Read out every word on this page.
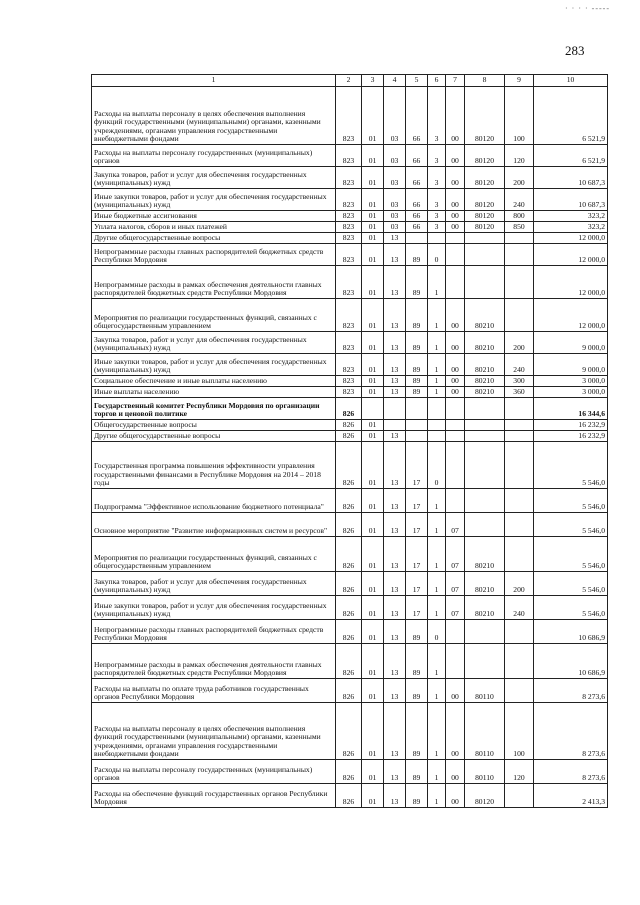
· · · · -----
283
1	2	3	4	5	6	7	8	9	10
Расходы на выплаты персоналу в целях обеспечения выполнения функций государственными (муниципальными) органами, казенными учреждениями, органами управления государственными внебюджетными фондами	823	01	03	66	3	00	80120	100	6 521,9
Расходы на выплаты персоналу государственных (муниципальных) органов	823	01	03	66	3	00	80120	120	6 521,9
Закупка товаров, работ и услуг для обеспечения государственных (муниципальных) нужд	823	01	03	66	3	00	80120	200	10 687,3
Иные закупки товаров, работ и услуг для обеспечения государственных (муниципальных) нужд	823	01	03	66	3	00	80120	240	10 687,3
Иные бюджетные ассигнования	823	01	03	66	3	00	80120	800	323,2
Уплата налогов, сборов и иных платежей	823	01	03	66	3	00	80120	850	323,2
Другие общегосударственные вопросы	823	01	13						12 000,0
Непрограммные расходы главных распорядителей бюджетных средств Республики Мордовия	823	01	13	89	0				12 000,0
Непрограммные расходы в рамках обеспечения деятельности главных распорядителей бюджетных средств Республики Мордовия	823	01	13	89	1				12 000,0
Мероприятия по реализации государственных функций, связанных с общегосударственным управлением	823	01	13	89	1	00	80210		12 000,0
Закупка товаров, работ и услуг для обеспечения государственных (муниципальных) нужд	823	01	13	89	1	00	80210	200	9 000,0
Иные закупки товаров, работ и услуг для обеспечения государственных (муниципальных) нужд	823	01	13	89	1	00	80210	240	9 000,0
Социальное обеспечение и иные выплаты населению	823	01	13	89	1	00	80210	300	3 000,0
Иные выплаты населению	823	01	13	89	1	00	80210	360	3 000,0
Государственный комитет Республики Мордовия по организации торгов и ценовой политике	826								16 344,6
Общегосударственные вопросы	826	01							16 232,9
Другие общегосударственные вопросы	826	01	13						16 232,9
Государственная программа повышения эффективности управления государственными финансами в Республике Мордовия на 2014 – 2018 годы	826	01	13	17	0				5 546,0
Подпрограмма "Эффективное использование бюджетного потенциала"	826	01	13	17	1				5 546,0
Основное мероприятие "Развитие информационных систем и ресурсов"	826	01	13	17	1	07			5 546,0
Мероприятия по реализации государственных функций, связанных с общегосударственным управлением	826	01	13	17	1	07	80210		5 546,0
Закупка товаров, работ и услуг для обеспечения государственных (муниципальных) нужд	826	01	13	17	1	07	80210	200	5 546,0
Иные закупки товаров, работ и услуг для обеспечения государственных (муниципальных) нужд	826	01	13	17	1	07	80210	240	5 546,0
Непрограммные расходы главных распорядителей бюджетных средств Республики Мордовия	826	01	13	89	0				10 686,9
Непрограммные расходы в рамках обеспечения деятельности главных распорядителей бюджетных средств Республики Мордовия	826	01	13	89	1				10 686,9
Расходы на выплаты по оплате труда работников государственных органов Республики Мордовия	826	01	13	89	1	00	80110		8 273,6
Расходы на выплаты персоналу в целях обеспечения выполнения функций государственными (муниципальными) органами, казенными учреждениями, органами управления государственными внебюджетными фондами	826	01	13	89	1	00	80110	100	8 273,6
Расходы на выплаты персоналу государственных (муниципальных) органов	826	01	13	89	1	00	80110	120	8 273,6
Расходы на обеспечение функций государственных органов Республики Мордовия	826	01	13	89	1	00	80120		2 413,3
